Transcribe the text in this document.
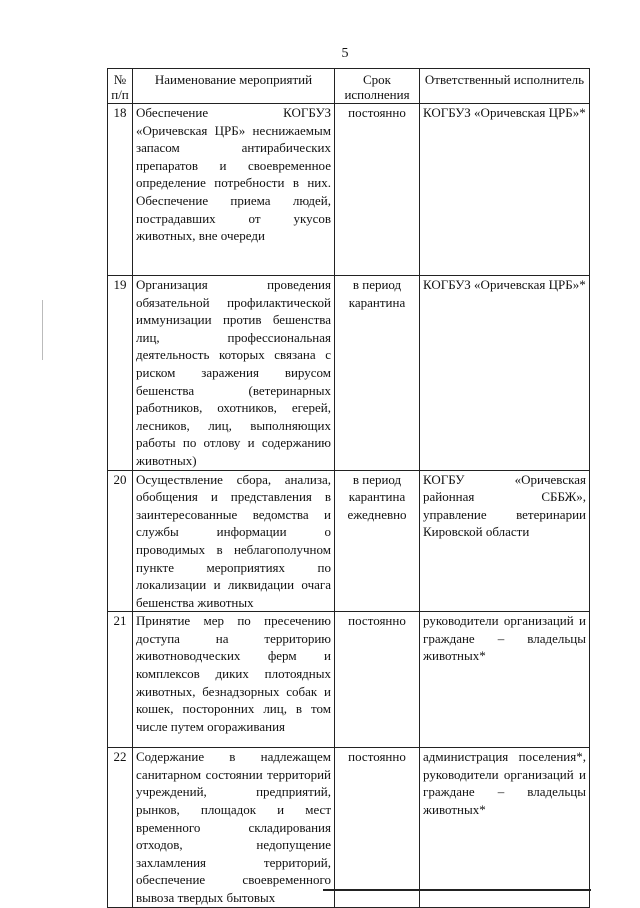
5
№ п/п	Наименование мероприятий	Срок исполнения	Ответственный исполнитель
18	Обеспечение КОГБУЗ «Оричевская ЦРБ» неснижаемым запасом антирабических препаратов и своевременное определение потребности в них. Обеспечение приема людей, пострадавших от укусов животных, вне очереди	постоянно	КОГБУЗ «Оричевская ЦРБ»*
19	Организация проведения обязательной профилактической иммунизации против бешенства лиц, профессиональная деятельность которых связана с риском заражения вирусом бешенства (ветеринарных работников, охотников, егерей, лесников, лиц, выполняющих работы по отлову и содержанию животных)	в период карантина	КОГБУЗ «Оричевская ЦРБ»*
20	Осуществление сбора, анализа, обобщения и представления в заинтересованные ведомства и службы информации о проводимых в неблагополучном пункте мероприятиях по локализации и ликвидации очага бешенства животных	в период карантина ежедневно	КОГБУ «Оричевская районная СББЖ», управление ветеринарии Кировской области
21	Принятие мер по пресечению доступа на территорию животноводческих ферм и комплексов диких плотоядных животных, безнадзорных собак и кошек, посторонних лиц, в том числе путем огораживания	постоянно	руководители организаций и граждане – владельцы животных*
22	Содержание в надлежащем санитарном состоянии территорий учреждений, предприятий, рынков, площадок и мест временного складирования отходов, недопущение захламления территорий, обеспечение своевременного вывоза твердых бытовых	постоянно	администрация поселения*, руководители организаций и граждане – владельцы животных*
